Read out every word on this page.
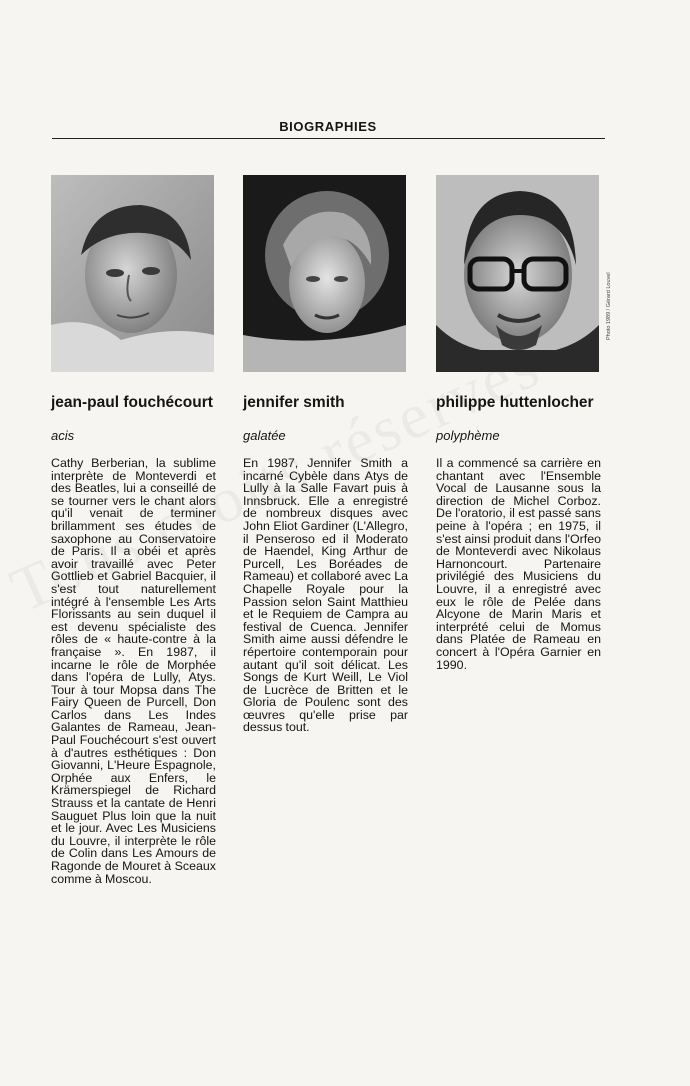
BIOGRAPHIES
jean-paul fouchécourt
acis
Cathy Berberian, la sublime interprète de Monteverdi et des Beatles, lui a conseillé de se tourner vers le chant alors qu'il venait de terminer brillamment ses études de saxophone au Conservatoire de Paris. Il a obéi et après avoir travaillé avec Peter Gottlieb et Gabriel Bacquier, il s'est tout naturellement intégré à l'ensemble Les Arts Florissants au sein duquel il est devenu spécialiste des rôles de « haute-contre à la française ». En 1987, il incarne le rôle de Morphée dans l'opéra de Lully, Atys. Tour à tour Mopsa dans The Fairy Queen de Purcell, Don Carlos dans Les Indes Galantes de Rameau, Jean-Paul Fouchécourt s'est ouvert à d'autres esthétiques : Don Giovanni, L'Heure Espagnole, Orphée aux Enfers, le Krämerspiegel de Richard Strauss et la cantate de Henri Sauguet Plus loin que la nuit et le jour. Avec Les Musiciens du Louvre, il interprète le rôle de Colin dans Les Amours de Ragonde de Mouret à Sceaux comme à Moscou.
jennifer smith
galatée
En 1987, Jennifer Smith a incarné Cybèle dans Atys de Lully à la Salle Favart puis à Innsbruck. Elle a enregistré de nombreux disques avec John Eliot Gardiner (L'Allegro, il Penseroso ed il Moderato de Haendel, King Arthur de Purcell, Les Boréades de Rameau) et collaboré avec La Chapelle Royale pour la Passion selon Saint Matthieu et le Requiem de Campra au festival de Cuenca. Jennifer Smith aime aussi défendre le répertoire contemporain pour autant qu'il soit délicat. Les Songs de Kurt Weill, Le Viol de Lucrèce de Britten et le Gloria de Poulenc sont des œuvres qu'elle prise par dessus tout.
philippe huttenlocher
polyphème
Il a commencé sa carrière en chantant avec l'Ensemble Vocal de Lausanne sous la direction de Michel Corboz. De l'oratorio, il est passé sans peine à l'opéra ; en 1975, il s'est ainsi produit dans l'Orfeo de Monteverdi avec Nikolaus Harnoncourt. Partenaire privilégié des Musiciens du Louvre, il a enregistré avec eux le rôle de Pelée dans Alcyone de Marin Maris et interprété celui de Momus dans Platée de Rameau en concert à l'Opéra Garnier en 1990.
Photo 1989 / Gérard Louvel
